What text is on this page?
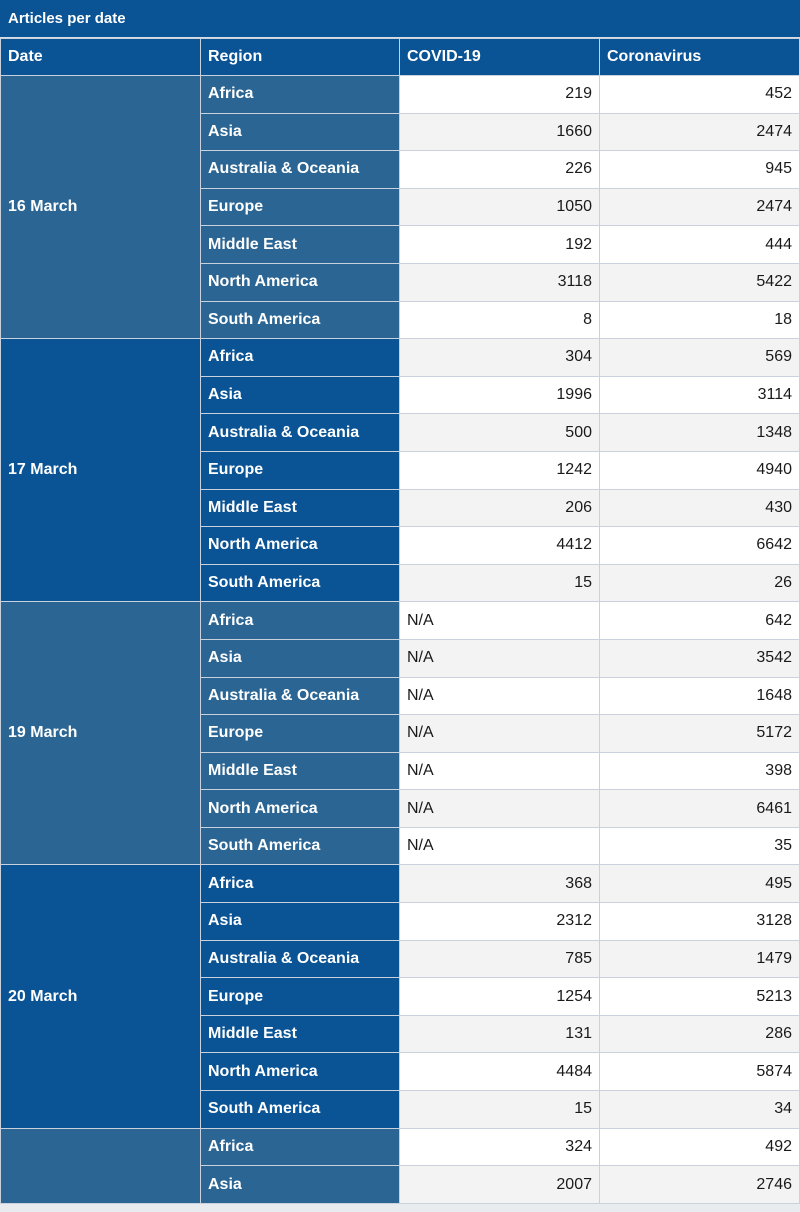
Articles per date
Date	Region	COVID-19	Coronavirus
16 March	Africa	219	452
	Asia	1660	2474
	Australia & Oceania	226	945
	Europe	1050	2474
	Middle East	192	444
	North America	3118	5422
	South America	8	18
17 March	Africa	304	569
	Asia	1996	3114
	Australia & Oceania	500	1348
	Europe	1242	4940
	Middle East	206	430
	North America	4412	6642
	South America	15	26
19 March	Africa	N/A	642
	Asia	N/A	3542
	Australia & Oceania	N/A	1648
	Europe	N/A	5172
	Middle East	N/A	398
	North America	N/A	6461
	South America	N/A	35
20 March	Africa	368	495
	Asia	2312	3128
	Australia & Oceania	785	1479
	Europe	1254	5213
	Middle East	131	286
	North America	4484	5874
	South America	15	34
	Africa	324	492
	Asia	2007	2746
